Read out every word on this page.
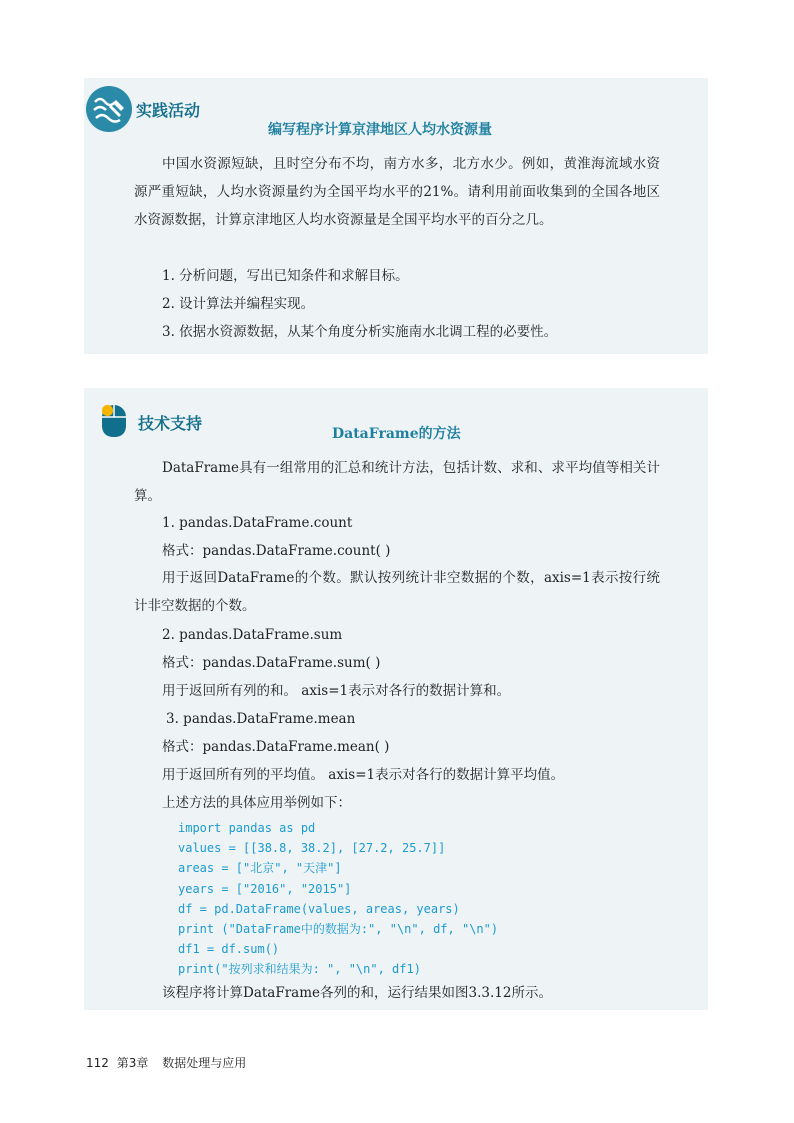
实践活动
编写程序计算京津地区人均水资源量

中国水资源短缺，且时空分布不均，南方水多，北方水少。例如，黄淮海流域水资源严重短缺，人均水资源量约为全国平均水平的21%。请利用前面收集到的全国各地区水资源数据，计算京津地区人均水资源量是全国平均水平的百分之几。

1. 分析问题，写出已知条件和求解目标。
2. 设计算法并编程实现。
3. 依据水资源数据，从某个角度分析实施南水北调工程的必要性。
技术支持
DataFrame的方法

DataFrame具有一组常用的汇总和统计方法，包括计数、求和、求平均值等相关计算。

1. pandas.DataFrame.count
格式：pandas.DataFrame.count( )

用于返回DataFrame的个数。默认按列统计非空数据的个数，axis=1表示按行统计非空数据的个数。

2. pandas.DataFrame.sum
格式：pandas.DataFrame.sum( )
用于返回所有列的和。 axis=1表示对各行的数据计算和。
3. pandas.DataFrame.mean
格式：pandas.DataFrame.mean( )
用于返回所有列的平均值。 axis=1表示对各行的数据计算平均值。
上述方法的具体应用举例如下：
import pandas as pd
values = [[38.8, 38.2], [27.2, 25.7]]
areas = ["北京", "天津"]
years = ["2016", "2015"]
df = pd.DataFrame(values, areas, years)
print ("DataFrame中的数据为:", "\n", df, "\n")
df1 = df.sum()
print("按列求和结果为: ", "\n", df1)
该程序将计算DataFrame各列的和，运行结果如图3.3.12所示。
112 第3章 数据处理与应用
